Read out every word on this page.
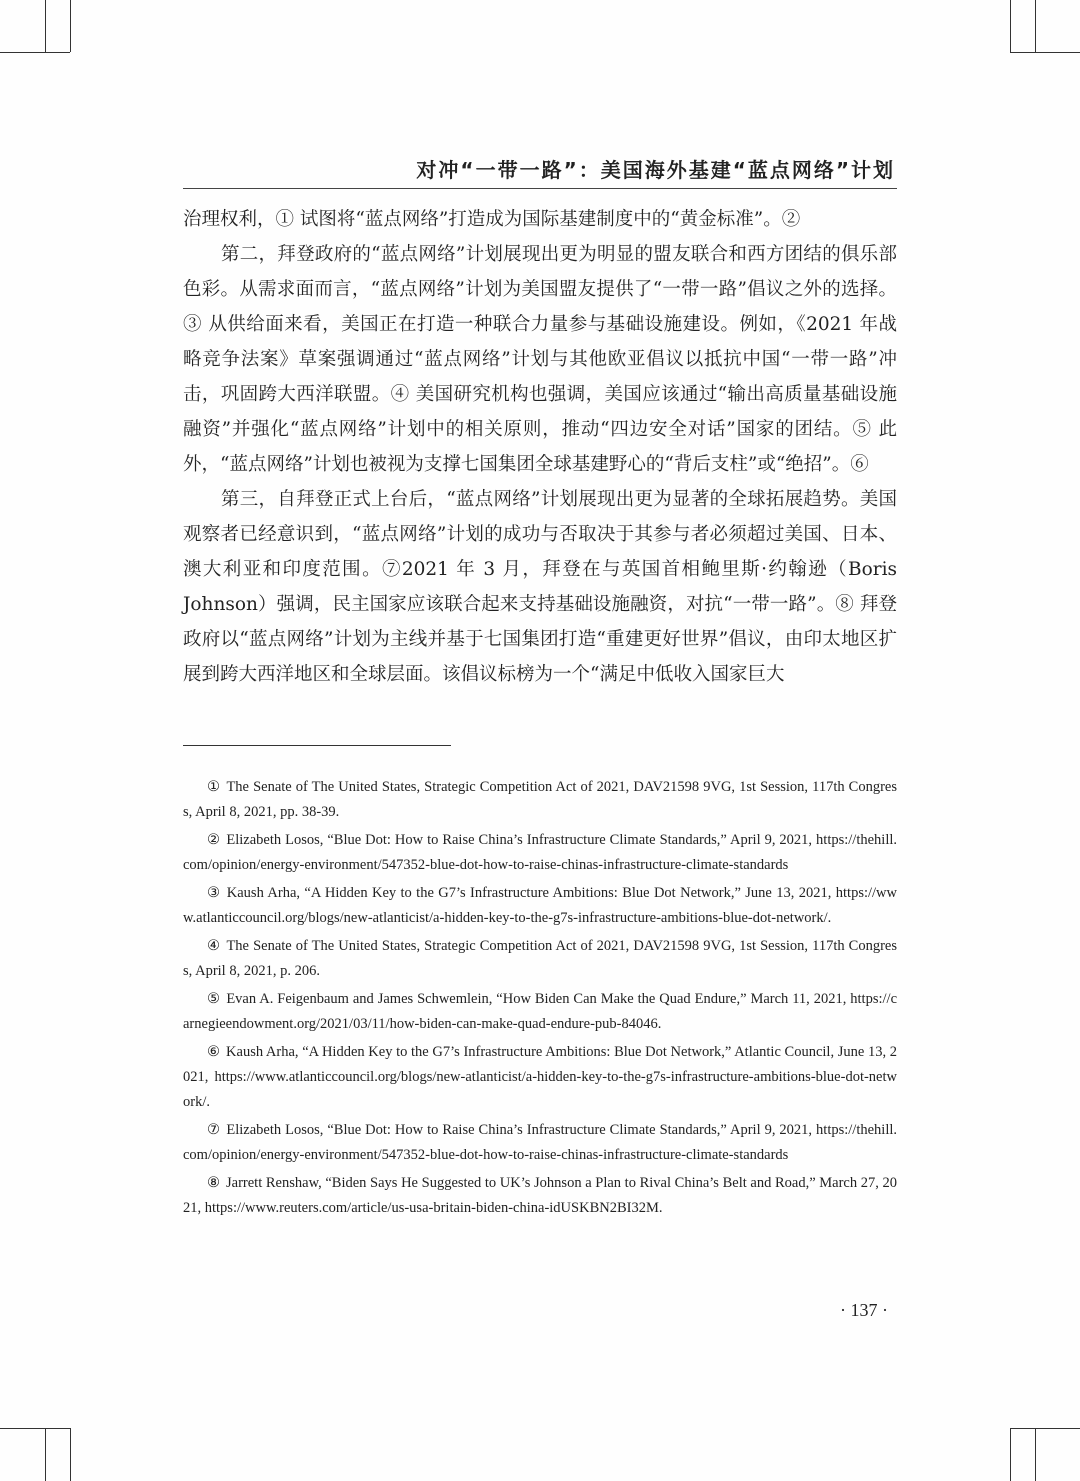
对冲“一带一路”：美国海外基建“蓝点网络”计划

治理权利，① 试图将“蓝点网络”打造成为国际基建制度中的“黄金标准”。②

第二，拜登政府的“蓝点网络”计划展现出更为明显的盟友联合和西方团结的俱乐部色彩。从需求面而言，“蓝点网络”计划为美国盟友提供了“一带一路”倡议之外的选择。③ 从供给面来看，美国正在打造一种联合力量参与基础设施建设。例如，《2021 年战略竞争法案》草案强调通过“蓝点网络”计划与其他欧亚倡议以抵抗中国“一带一路”冲击，巩固跨大西洋联盟。④ 美国研究机构也强调，美国应该通过“输出高质量基础设施融资”并强化“蓝点网络”计划中的相关原则，推动“四边安全对话”国家的团结。⑤ 此外，“蓝点网络”计划也被视为支撑七国集团全球基建野心的“背后支柱”或“绝招”。⑥

第三，自拜登正式上台后，“蓝点网络”计划展现出更为显著的全球拓展趋势。美国观察者已经意识到，“蓝点网络”计划的成功与否取决于其参与者必须超过美国、日本、澳大利亚和印度范围。⑦2021 年 3 月，拜登在与英国首相鲍里斯·约翰逊（Boris Johnson）强调，民主国家应该联合起来支持基础设施融资，对抗“一带一路”。⑧ 拜登政府以“蓝点网络”计划为主线并基于七国集团打造“重建更好世界”倡议，由印太地区扩展到跨大西洋地区和全球层面。该倡议标榜为一个“满足中低收入国家巨大

① The Senate of The United States, Strategic Competition Act of 2021, DAV21598 9VG, 1st Session, 117th Congress, April 8, 2021, pp. 38-39.

② Elizabeth Losos, “Blue Dot: How to Raise China’s Infrastructure Climate Standards,” April 9, 2021, https://thehill.com/opinion/energy-environment/547352-blue-dot-how-to-raise-chinas-infrastructure-climate-standards

③ Kaush Arha, “A Hidden Key to the G7’s Infrastructure Ambitions: Blue Dot Network,” June 13, 2021, https://www.atlanticcouncil.org/blogs/new-atlanticist/a-hidden-key-to-the-g7s-infrastructure-ambitions-blue-dot-network/.

④ The Senate of The United States, Strategic Competition Act of 2021, DAV21598 9VG, 1st Session, 117th Congress, April 8, 2021, p. 206.

⑤ Evan A. Feigenbaum and James Schwemlein, “How Biden Can Make the Quad Endure,” March 11, 2021, https://carnegieendowment.org/2021/03/11/how-biden-can-make-quad-endure-pub-84046.

⑥ Kaush Arha, “A Hidden Key to the G7’s Infrastructure Ambitions: Blue Dot Network,” Atlantic Council, June 13, 2021, https://www.atlanticcouncil.org/blogs/new-atlanticist/a-hidden-key-to-the-g7s-infrastructure-ambitions-blue-dot-network/.

⑦ Elizabeth Losos, “Blue Dot: How to Raise China’s Infrastructure Climate Standards,” April 9, 2021, https://thehill.com/opinion/energy-environment/547352-blue-dot-how-to-raise-chinas-infrastructure-climate-standards

⑧ Jarrett Renshaw, “Biden Says He Suggested to UK’s Johnson a Plan to Rival China’s Belt and Road,” March 27, 2021, https://www.reuters.com/article/us-usa-britain-biden-china-idUSKBN2BI32M.

· 137 ·
